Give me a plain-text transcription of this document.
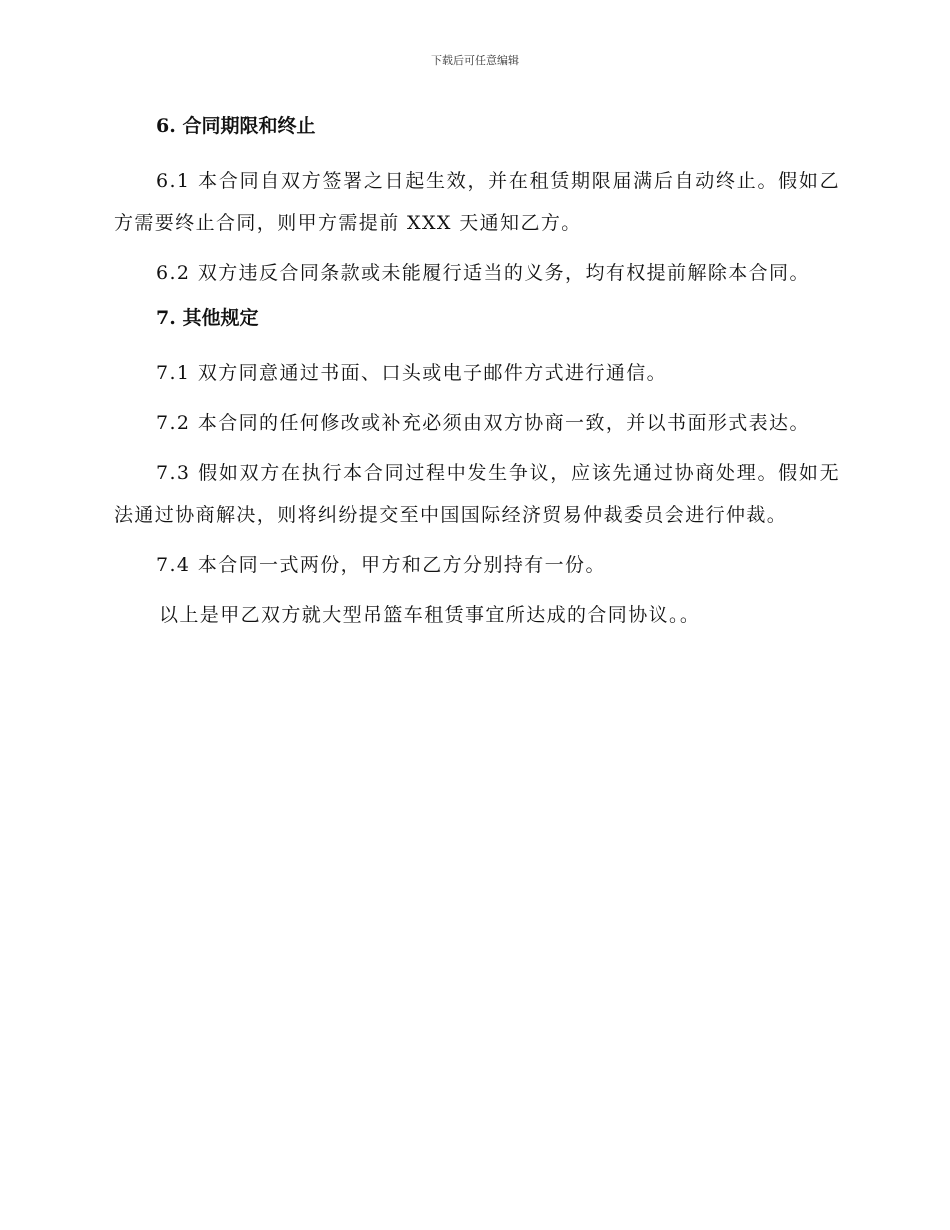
下载后可任意编辑

6. 合同期限和终止

6.1 本合同自双方签署之日起生效，并在租赁期限届满后自动终止。假如乙方需要终止合同，则甲方需提前 XXX 天通知乙方。

6.2 双方违反合同条款或未能履行适当的义务，均有权提前解除本合同。

7. 其他规定

7.1 双方同意通过书面、口头或电子邮件方式进行通信。

7.2 本合同的任何修改或补充必须由双方协商一致，并以书面形式表达。

7.3 假如双方在执行本合同过程中发生争议，应该先通过协商处理。假如无法通过协商解决，则将纠纷提交至中国国际经济贸易仲裁委员会进行仲裁。

7.4 本合同一式两份，甲方和乙方分别持有一份。

以上是甲乙双方就大型吊篮车租赁事宜所达成的合同协议。。
